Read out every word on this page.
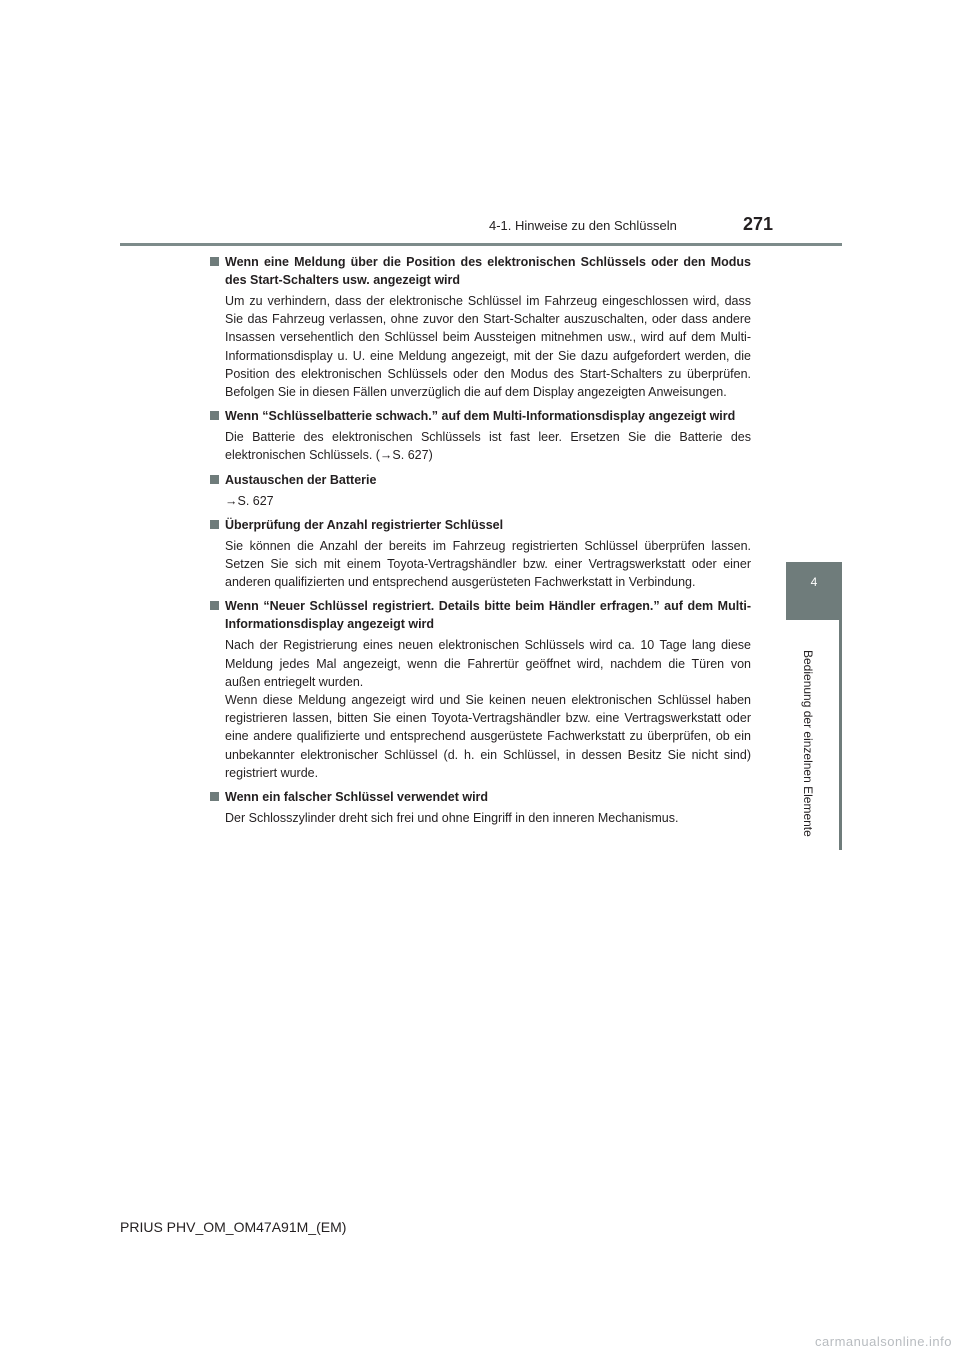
4-1. Hinweise zu den Schlüsseln	271
4
Bedienung der einzelnen Elemente
Wenn eine Meldung über die Position des elektronischen Schlüssels oder den Modus des Start-Schalters usw. angezeigt wird
Um zu verhindern, dass der elektronische Schlüssel im Fahrzeug eingeschlossen wird, dass Sie das Fahrzeug verlassen, ohne zuvor den Start-Schalter auszuschalten, oder dass andere Insassen versehentlich den Schlüssel beim Aussteigen mitnehmen usw., wird auf dem Multi-Informationsdisplay u. U. eine Meldung angezeigt, mit der Sie dazu aufgefordert werden, die Position des elektronischen Schlüssels oder den Modus des Start-Schalters zu überprüfen. Befolgen Sie in diesen Fällen unverzüglich die auf dem Display angezeigten Anweisungen.
Wenn “Schlüsselbatterie schwach.” auf dem Multi-Informationsdisplay angezeigt wird
Die Batterie des elektronischen Schlüssels ist fast leer. Ersetzen Sie die Batterie des elektronischen Schlüssels. (→S. 627)
Austauschen der Batterie
→S. 627
Überprüfung der Anzahl registrierter Schlüssel
Sie können die Anzahl der bereits im Fahrzeug registrierten Schlüssel überprüfen lassen. Setzen Sie sich mit einem Toyota-Vertragshändler bzw. einer Vertragswerkstatt oder einer anderen qualifizierten und entsprechend ausgerüsteten Fachwerkstatt in Verbindung.
Wenn “Neuer Schlüssel registriert. Details bitte beim Händler erfragen.” auf dem Multi-Informationsdisplay angezeigt wird
Nach der Registrierung eines neuen elektronischen Schlüssels wird ca. 10 Tage lang diese Meldung jedes Mal angezeigt, wenn die Fahrertür geöffnet wird, nachdem die Türen von außen entriegelt wurden.
Wenn diese Meldung angezeigt wird und Sie keinen neuen elektronischen Schlüssel haben registrieren lassen, bitten Sie einen Toyota-Vertragshändler bzw. eine Vertragswerkstatt oder eine andere qualifizierte und entsprechend ausgerüstete Fachwerkstatt zu überprüfen, ob ein unbekannter elektronischer Schlüssel (d. h. ein Schlüssel, in dessen Besitz Sie nicht sind) registriert wurde.
Wenn ein falscher Schlüssel verwendet wird
Der Schlosszylinder dreht sich frei und ohne Eingriff in den inneren Mechanismus.
PRIUS PHV_OM_OM47A91M_(EM)
carmanualsonline.info
